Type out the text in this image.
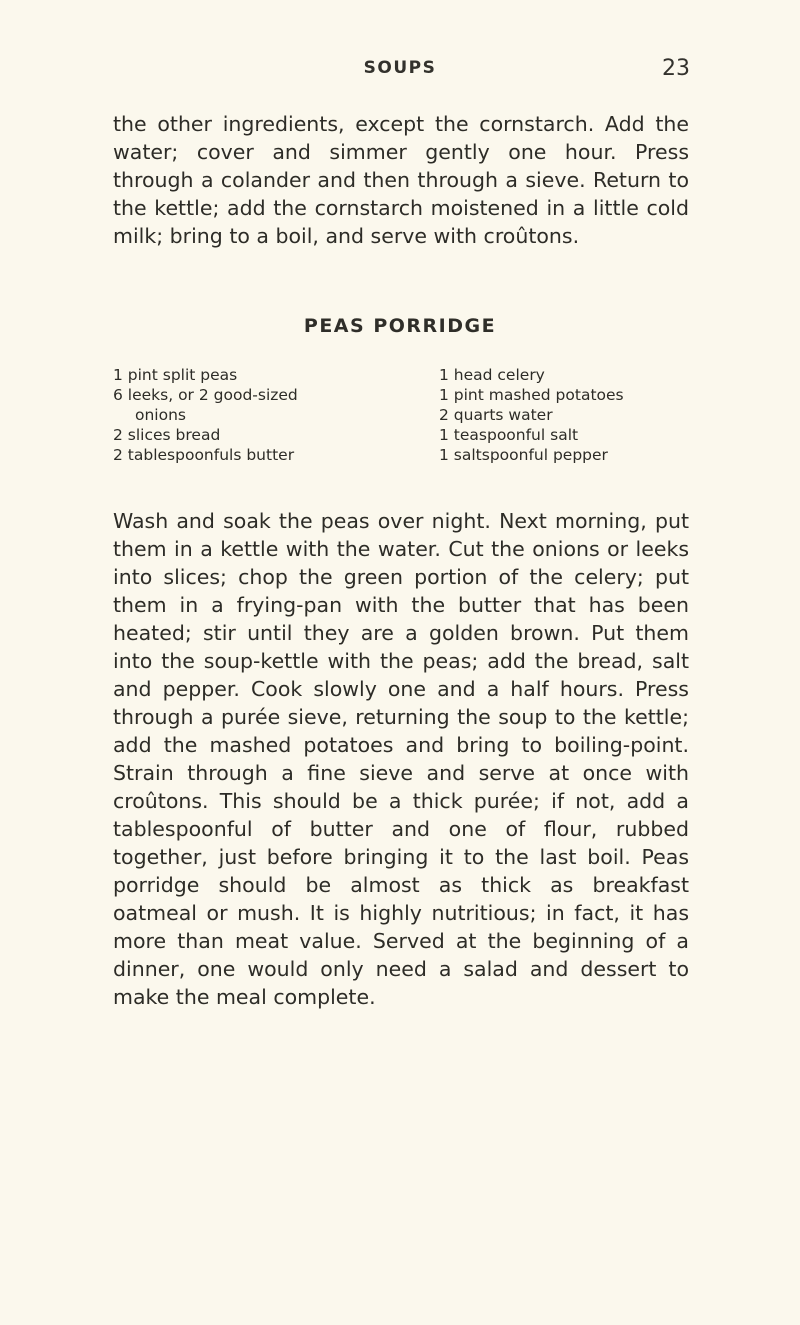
SOUPS	23

the other ingredients, except the cornstarch. Add the water; cover and simmer gently one hour. Press through a colander and then through a sieve. Return to the kettle; add the cornstarch moistened in a little cold milk; bring to a boil, and serve with croûtons.

PEAS PORRIDGE
1 pint split peas
6 leeks, or 2 good-sized
onions
2 slices bread
2 tablespoonfuls butter
1 head celery
1 pint mashed potatoes
2 quarts water
1 teaspoonful salt
1 saltspoonful pepper

Wash and soak the peas over night. Next morning, put them in a kettle with the water. Cut the onions or leeks into slices; chop the green portion of the celery; put them in a frying-pan with the butter that has been heated; stir until they are a golden brown. Put them into the soup-kettle with the peas; add the bread, salt and pepper. Cook slowly one and a half hours. Press through a purée sieve, returning the soup to the kettle; add the mashed potatoes and bring to boiling-point. Strain through a fine sieve and serve at once with croûtons. This should be a thick purée; if not, add a tablespoonful of butter and one of flour, rubbed together, just before bringing it to the last boil. Peas porridge should be almost as thick as breakfast oatmeal or mush. It is highly nutritious; in fact, it has more than meat value. Served at the beginning of a dinner, one would only need a salad and dessert to make the meal complete.
